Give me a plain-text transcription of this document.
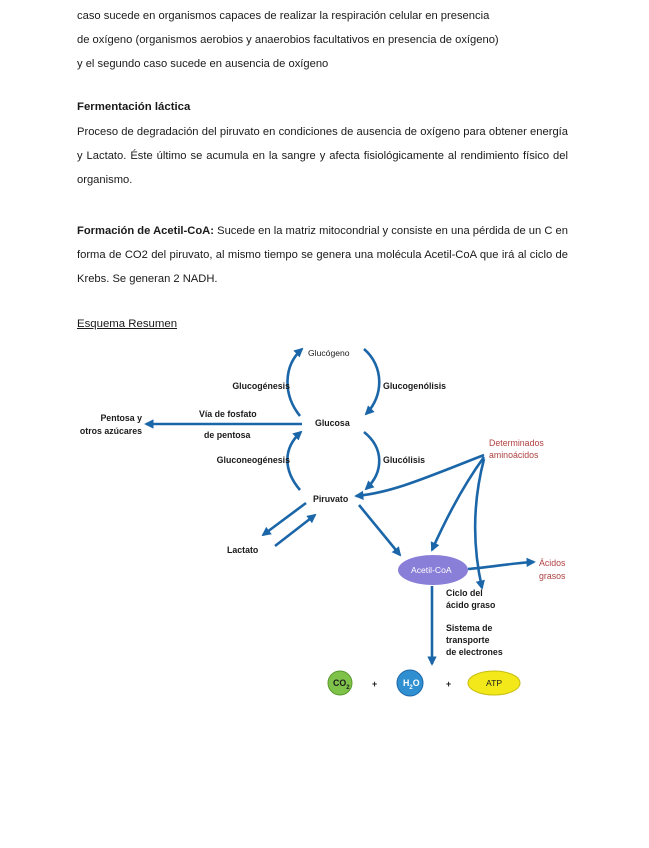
caso sucede en organismos capaces de realizar la respiración celular en presencia

de oxígeno (organismos aerobios y anaerobios facultativos en presencia de oxígeno)

y el segundo caso sucede en ausencia de oxígeno

Fermentación láctica

Proceso de degradación del piruvato en condiciones de ausencia de oxígeno para obtener energía y Lactato. Éste último se acumula en la sangre y afecta fisiológicamente al rendimiento físico del organismo.

Formación de Acetil-CoA: Sucede en la matriz mitocondrial y consiste en una pérdida de un C en forma de CO2 del piruvato, al mismo tiempo se genera una molécula Acetil-CoA que irá al ciclo de Krebs. Se generan 2 NADH.

Esquema Resumen

Glucógeno
Glucosa
Piruvato
Lactato
Acetil-CoA
Pentosa y
otros azúcares
Glucogénesis	Glucogenólisis
Vía de fosfato
de pentosa
Gluconeogénesis	Glucólisis
Ciclo del
ácido graso
Sistema de
transporte
de electrones
Determinados
aminoácidos
Ácidos
grasos
$CO_2$	+	$H_2O$	+	ATP
